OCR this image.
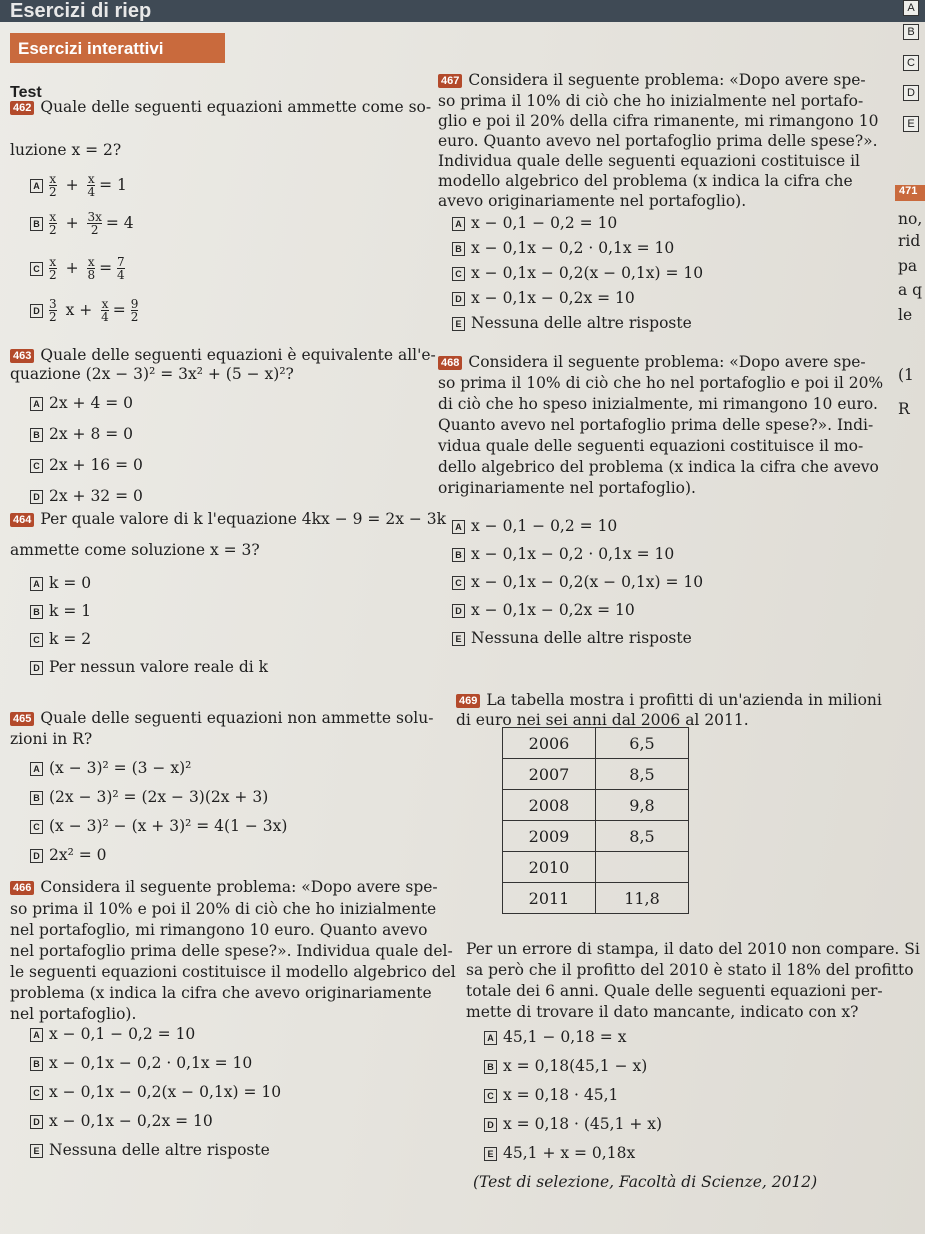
Esercizi di riep
Esercizi interattivi
Test
A
B
C
D
E
471
no,
rid
pa
a q
le
(1
R
462 Quale delle seguenti equazioni ammette come so-
luzione x = 2?
463 Quale delle seguenti equazioni è equivalente all'e-
quazione (2x − 3)² = 3x² + (5 − x)²?
464 Per quale valore di k l'equazione 4kx − 9 = 2x − 3k
ammette come soluzione x = 3?
465 Quale delle seguenti equazioni non ammette solu-
zioni in R?
469 La tabella mostra i profitti di un'azienda in milioni
di euro nei sei anni dal 2006 al 2011.
2006	6,5
2007	8,5
2008	9,8
2009	8,5
2010	
2011	11,8
(Test di selezione, Facoltà di Scienze, 2012)
A $\frac{x}{2} + \frac{x}{4} = 1$
B $\frac{x}{2} + \frac{3x}{2} = 4$
C $\frac{x}{2} + \frac{x}{8} = \frac{7}{4}$
D $\frac{3}{2}$ $x + \frac{x}{4} = \frac{9}{2}$
A 2x + 4 = 0
B 2x + 8 = 0
C 2x + 16 = 0
D 2x + 32 = 0
A k = 0
B k = 1
C k = 2
D Per nessun valore reale di k
A (x − 3)² = (3 − x)²
B (2x − 3)² = (2x − 3)(2x + 3)
C (x − 3)² − (x + 3)² = 4(1 − 3x)
D 2x² = 0
466 Considera il seguente problema: «Dopo avere spe-
so prima il 10% e poi il 20% di ciò che ho inizialmente
nel portafoglio, mi rimangono 10 euro. Quanto avevo
nel portafoglio prima delle spese?». Individua quale del-
le seguenti equazioni costituisce il modello algebrico del
problema (x indica la cifra che avevo originariamente
nel portafoglio).
A x − 0,1 − 0,2 = 10
B x − 0,1x − 0,2 · 0,1x = 10
C x − 0,1x − 0,2(x − 0,1x) = 10
D x − 0,1x − 0,2x = 10
E Nessuna delle altre risposte
467 Considera il seguente problema: «Dopo avere spe-
so prima il 10% di ciò che ho inizialmente nel portafo-
glio e poi il 20% della cifra rimanente, mi rimangono 10
euro. Quanto avevo nel portafoglio prima delle spese?».
Individua quale delle seguenti equazioni costituisce il
modello algebrico del problema (x indica la cifra che
avevo originariamente nel portafoglio).
A x − 0,1 − 0,2 = 10
B x − 0,1x − 0,2 · 0,1x = 10
C x − 0,1x − 0,2(x − 0,1x) = 10
D x − 0,1x − 0,2x = 10
E Nessuna delle altre risposte
468 Considera il seguente problema: «Dopo avere spe-
so prima il 10% di ciò che ho nel portafoglio e poi il 20%
di ciò che ho speso inizialmente, mi rimangono 10 euro.
Quanto avevo nel portafoglio prima delle spese?». Indi-
vidua quale delle seguenti equazioni costituisce il mo-
dello algebrico del problema (x indica la cifra che avevo
originariamente nel portafoglio).
A x − 0,1 − 0,2 = 10
B x − 0,1x − 0,2 · 0,1x = 10
C x − 0,1x − 0,2(x − 0,1x) = 10
D x − 0,1x − 0,2x = 10
E Nessuna delle altre risposte
Per un errore di stampa, il dato del 2010 non compare. Si
sa però che il profitto del 2010 è stato il 18% del profitto
totale dei 6 anni. Quale delle seguenti equazioni per-
mette di trovare il dato mancante, indicato con x?
A 45,1 − 0,18 = x
B x = 0,18(45,1 − x)
C x = 0,18 · 45,1
D x = 0,18 · (45,1 + x)
E 45,1 + x = 0,18x
